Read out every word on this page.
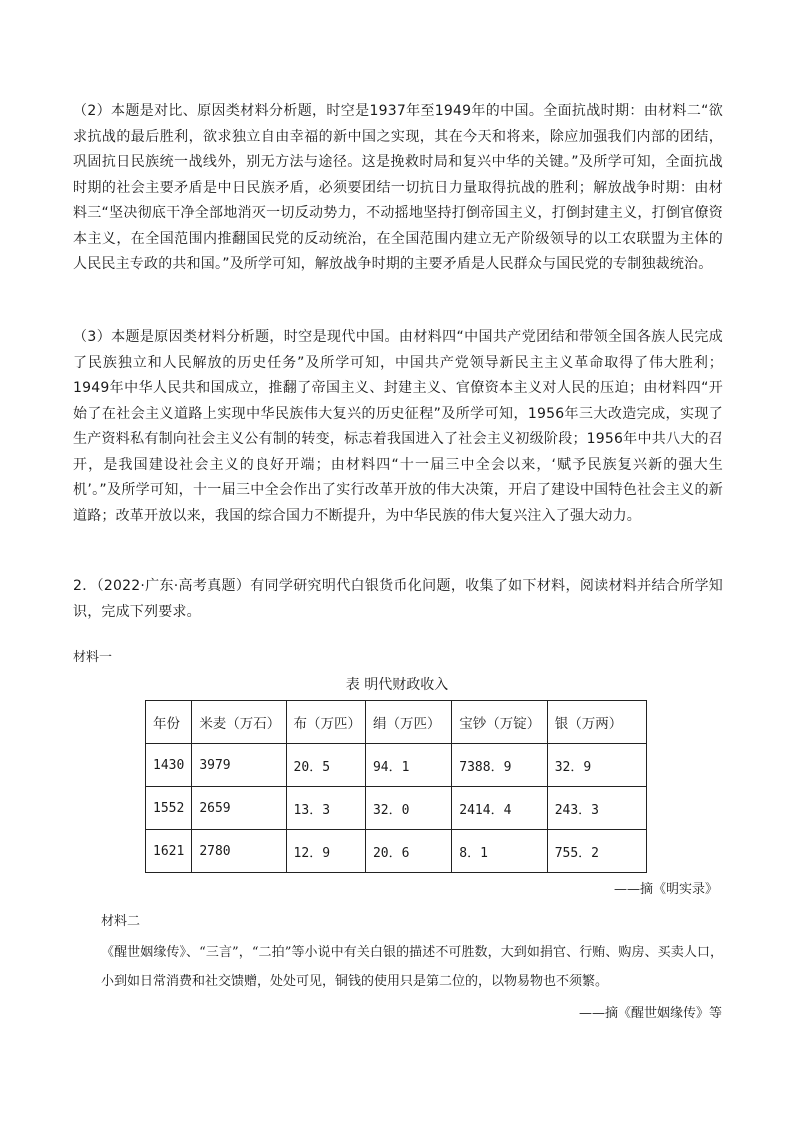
（2）本题是对比、原因类材料分析题，时空是1937年至1949年的中国。全面抗战时期：由材料二“欲求抗战的最后胜利，欲求独立自由幸福的新中国之实现，其在今天和将来，除应加强我们内部的团结，巩固抗日民族统一战线外，别无方法与途径。这是挽救时局和复兴中华的关键。”及所学可知，全面抗战时期的社会主要矛盾是中日民族矛盾，必须要团结一切抗日力量取得抗战的胜利；解放战争时期：由材料三“坚决彻底干净全部地消灭一切反动势力，不动摇地坚持打倒帝国主义，打倒封建主义，打倒官僚资本主义，在全国范围内推翻国民党的反动统治，在全国范围内建立无产阶级领导的以工农联盟为主体的人民民主专政的共和国。”及所学可知，解放战争时期的主要矛盾是人民群众与国民党的专制独裁统治。
（3）本题是原因类材料分析题，时空是现代中国。由材料四“中国共产党团结和带领全国各族人民完成了民族独立和人民解放的历史任务”及所学可知，中国共产党领导新民主主义革命取得了伟大胜利；1949年中华人民共和国成立，推翻了帝国主义、封建主义、官僚资本主义对人民的压迫；由材料四“开始了在社会主义道路上实现中华民族伟大复兴的历史征程”及所学可知，1956年三大改造完成，实现了生产资料私有制向社会主义公有制的转变，标志着我国进入了社会主义初级阶段；1956年中共八大的召开，是我国建设社会主义的良好开端；由材料四“十一届三中全会以来，‘赋予民族复兴新的强大生机’。”及所学可知，十一届三中全会作出了实行改革开放的伟大决策，开启了建设中国特色社会主义的新道路；改革开放以来，我国的综合国力不断提升，为中华民族的伟大复兴注入了强大动力。
2．（2022·广东·高考真题）有同学研究明代白银货币化问题，收集了如下材料，阅读材料并结合所学知识，完成下列要求。
材料一
表 明代财政收入
年份	米麦（万石）	布（万匹）	绢（万匹）	宝钞（万锭）	银（万两）
1430	3979	20．5	94．1	7388．9	32．9
1552	2659	13．3	32．0	2414．4	243．3
1621	2780	12．9	20．6	8．1	755．2
——摘《明实录》
材料二
《醒世姻缘传》、“三言”，“二拍”等小说中有关白银的描述不可胜数，大到如捐官、行贿、购房、买卖人口，小到如日常消费和社交馈赠，处处可见，铜钱的使用只是第二位的，以物易物也不须繁。
——摘《醒世姻缘传》等
